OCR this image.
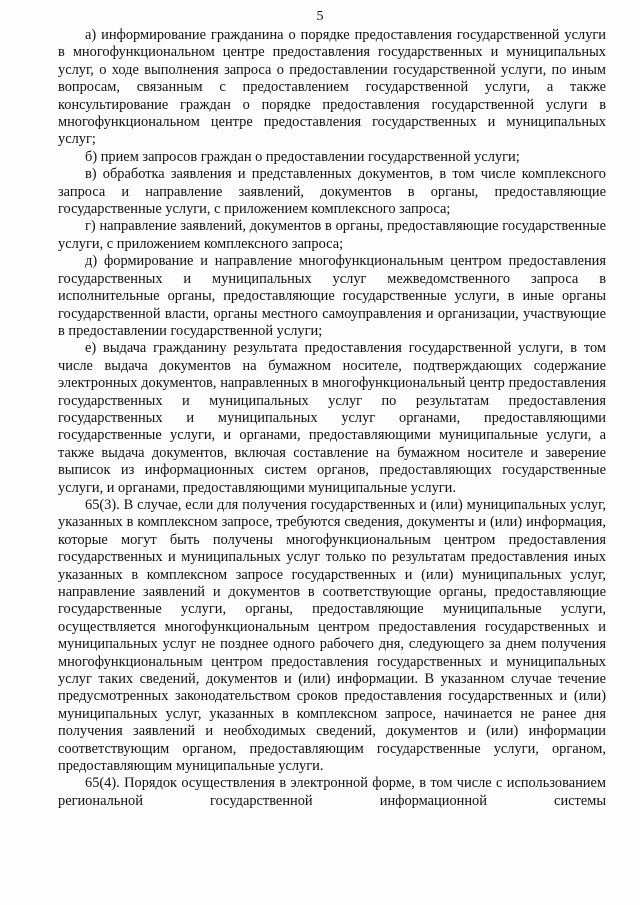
5

а) информирование гражданина о порядке предоставления государственной услуги в многофункциональном центре предоставления государственных и муниципальных услуг, о ходе выполнения запроса о предоставлении государственной услуги, по иным вопросам, связанным с предоставлением государственной услуги, а также консультирование граждан о порядке предоставления государственной услуги в многофункциональном центре предоставления государственных и муниципальных услуг;

б) прием запросов граждан о предоставлении государственной услуги;

в) обработка заявления и представленных документов, в том числе комплексного запроса и направление заявлений, документов в органы, предоставляющие государственные услуги, с приложением комплексного запроса;

г) направление заявлений, документов в органы, предоставляющие государственные услуги, с приложением комплексного запроса;

д) формирование и направление многофункциональным центром предоставления государственных и муниципальных услуг межведомственного запроса в исполнительные органы, предоставляющие государственные услуги, в иные органы государственной власти, органы местного самоуправления и организации, участвующие в предоставлении государственной услуги;

е) выдача гражданину результата предоставления государственной услуги, в том числе выдача документов на бумажном носителе, подтверждающих содержание электронных документов, направленных в многофункциональный центр предоставления государственных и муниципальных услуг по результатам предоставления государственных и муниципальных услуг органами, предоставляющими государственные услуги, и органами, предоставляющими муниципальные услуги, а также выдача документов, включая составление на бумажном носителе и заверение выписок из информационных систем органов, предоставляющих государственные услуги, и органами, предоставляющими муниципальные услуги.

65(3). В случае, если для получения государственных и (или) муниципальных услуг, указанных в комплексном запросе, требуются сведения, документы и (или) информация, которые могут быть получены многофункциональным центром предоставления государственных и муниципальных услуг только по результатам предоставления иных указанных в комплексном запросе государственных и (или) муниципальных услуг, направление заявлений и документов в соответствующие органы, предоставляющие государственные услуги, органы, предоставляющие муниципальные услуги, осуществляется многофункциональным центром предоставления государственных и муниципальных услуг не позднее одного рабочего дня, следующего за днем получения многофункциональным центром предоставления государственных и муниципальных услуг таких сведений, документов и (или) информации. В указанном случае течение предусмотренных законодательством сроков предоставления государственных и (или) муниципальных услуг, указанных в комплексном запросе, начинается не ранее дня получения заявлений и необходимых сведений, документов и (или) информации соответствующим органом, предоставляющим государственные услуги, органом, предоставляющим муниципальные услуги.

65(4). Порядок осуществления в электронной форме, в том числе с использованием региональной государственной информационной системы
